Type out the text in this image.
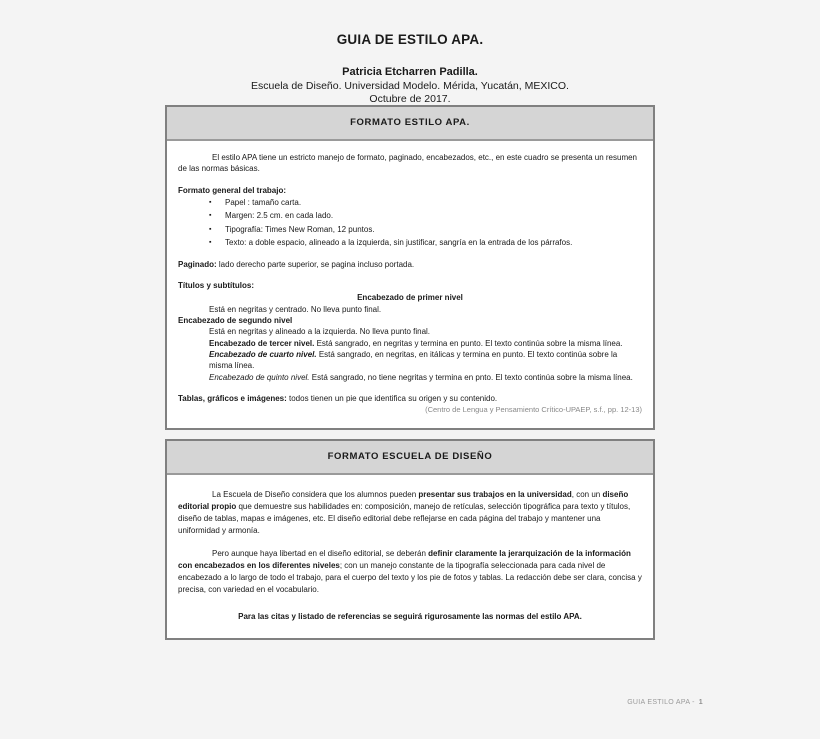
GUIA DE ESTILO APA.
Patricia Etcharren Padilla.
Escuela de Diseño. Universidad Modelo. Mérida, Yucatán, MEXICO.
Octubre de 2017.
FORMATO ESTILO APA.

El estilo APA tiene un estricto manejo de formato, paginado, encabezados, etc., en este cuadro se presenta un resumen de las normas básicas.

Formato general del trabajo:

▪ Papel : tamaño carta.
▪ Margen: 2.5 cm. en cada lado.
▪ Tipografía: Times New Roman, 12 puntos.
▪ Texto: a doble espacio, alineado a la izquierda, sin justificar, sangría en la entrada de los párrafos.

Paginado: lado derecho parte superior, se pagina incluso portada.

Títulos y subtítulos:

Encabezado de primer nivel

Está en negritas y centrado. No lleva punto final.

Encabezado de segundo nivel

Está en negritas y alineado a la izquierda. No lleva punto final.

Encabezado de tercer nivel. Está sangrado, en negritas y termina en punto. El texto continúa sobre la misma línea.

Encabezado de cuarto nivel. Está sangrado, en negritas, en itálicas y termina en punto. El texto continúa sobre la misma línea.

Encabezado de quinto nivel. Está sangrado, no tiene negritas y termina en pnto. El texto continúa sobre la misma línea.

Tablas, gráficos e imágenes: todos tienen un pie que identifica su origen y su contenido.

(Centro de Lengua y Pensamiento Crítico-UPAEP, s.f., pp. 12-13)

FORMATO ESCUELA DE DISEÑO

La Escuela de Diseño considera que los alumnos pueden presentar sus trabajos en la universidad, con un diseño editorial propio que demuestre sus habilidades en: composición, manejo de retículas, selección tipográfica para texto y títulos, diseño de tablas, mapas e imágenes, etc. El diseño editorial debe reflejarse en cada página del trabajo y mantener una uniformidad y armonía.

Pero aunque haya libertad en el diseño editorial, se deberán definir claramente la jerarquización de la información con encabezados en los diferentes niveles; con un manejo constante de la tipografía seleccionada para cada nivel de encabezado a lo largo de todo el trabajo, para el cuerpo del texto y los pie de fotos y tablas. La redacción debe ser clara, concisa y precisa, con variedad en el vocabulario.

Para las citas y listado de referencias se seguirá rigurosamente las normas del estilo APA.

GUIA ESTILO APA - 1
